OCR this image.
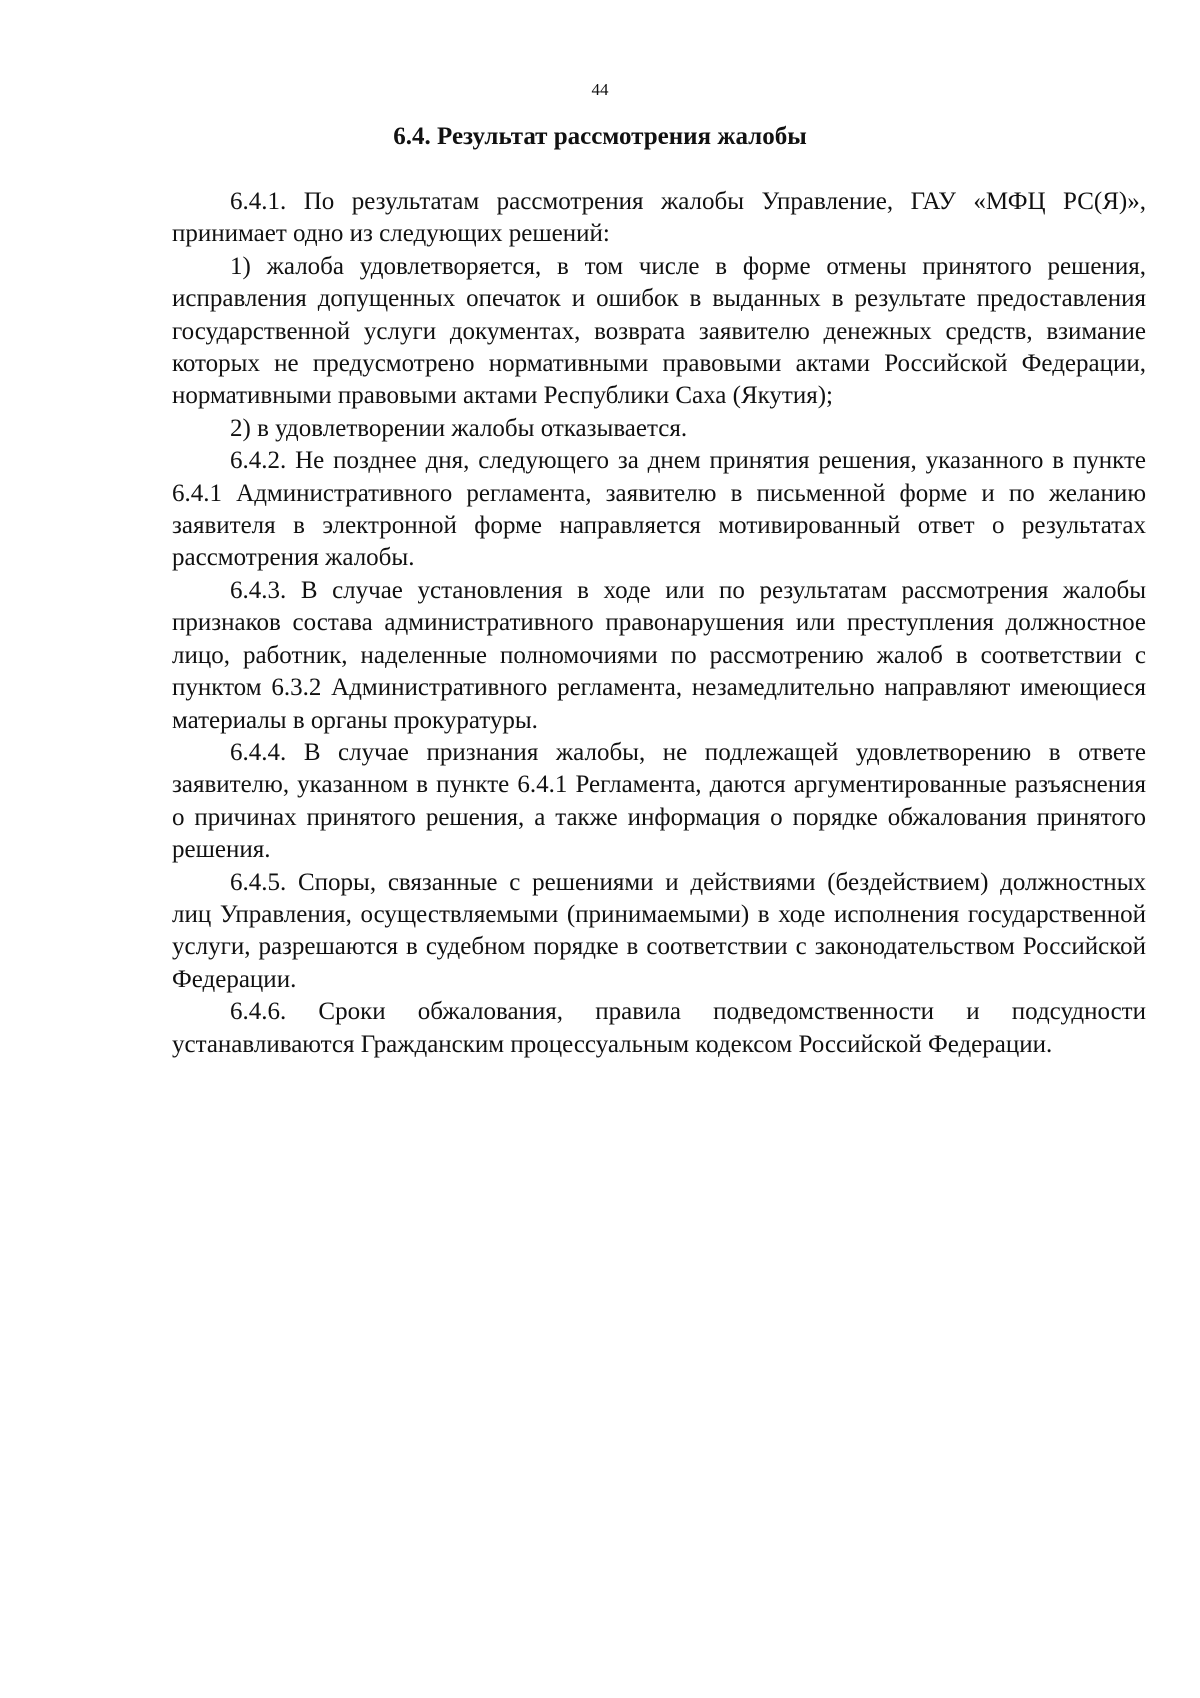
44
6.4. Результат рассмотрения жалобы

6.4.1. По результатам рассмотрения жалобы Управление, ГАУ «МФЦ РС(Я)», принимает одно из следующих решений:

1) жалоба удовлетворяется, в том числе в форме отмены принятого решения, исправления допущенных опечаток и ошибок в выданных в результате предоставления государственной услуги документах, возврата заявителю денежных средств, взимание которых не предусмотрено нормативными правовыми актами Российской Федерации, нормативными правовыми актами Республики Саха (Якутия);

2) в удовлетворении жалобы отказывается.

6.4.2. Не позднее дня, следующего за днем принятия решения, указанного в пункте 6.4.1 Административного регламента, заявителю в письменной форме и по желанию заявителя в электронной форме направляется мотивированный ответ о результатах рассмотрения жалобы.

6.4.3. В случае установления в ходе или по результатам рассмотрения жалобы признаков состава административного правонарушения или преступления должностное лицо, работник, наделенные полномочиями по рассмотрению жалоб в соответствии с пунктом 6.3.2 Административного регламента, незамедлительно направляют имеющиеся материалы в органы прокуратуры.

6.4.4. В случае признания жалобы, не подлежащей удовлетворению в ответе заявителю, указанном в пункте 6.4.1 Регламента, даются аргументированные разъяснения о причинах принятого решения, а также информация о порядке обжалования принятого решения.

6.4.5. Споры, связанные с решениями и действиями (бездействием) должностных лиц Управления, осуществляемыми (принимаемыми) в ходе исполнения государственной услуги, разрешаются в судебном порядке в соответствии с законодательством Российской Федерации.

6.4.6. Сроки обжалования, правила подведомственности и подсудности устанавливаются Гражданским процессуальным кодексом Российской Федерации.
